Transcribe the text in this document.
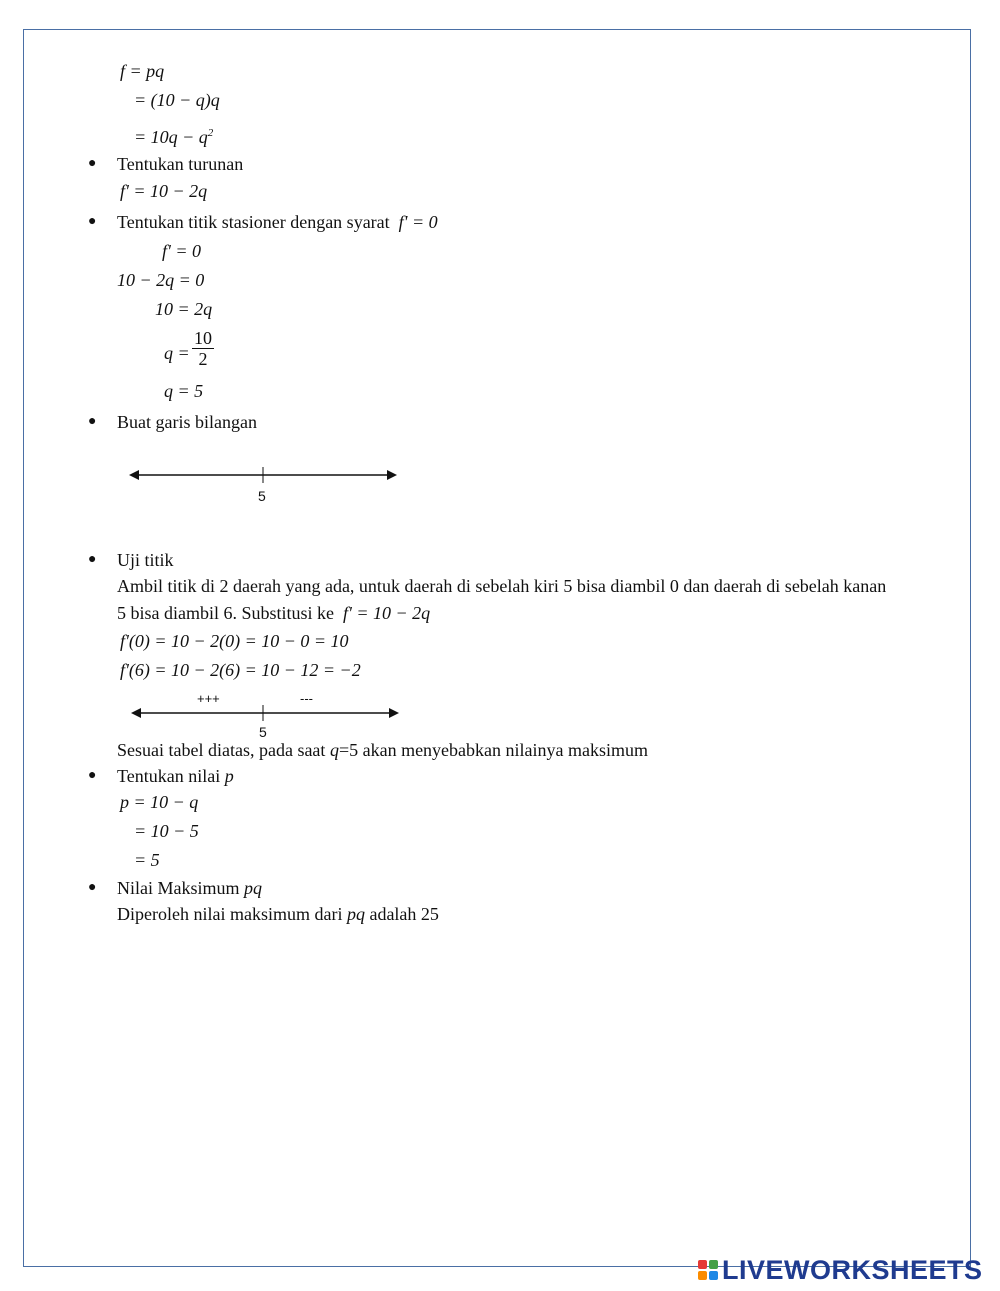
f = pq
= (10 − q)q
= $10q - q^2$
● Tentukan turunan
f' = 10 − 2q
● Tentukan titik stasioner dengan syarat f' = 0
f' = 0
10 − 2q = 0
10 = 2q
$q = \frac{10}{2}$
q = 5
● Buat garis bilangan
5
● Uji titik
Ambil titik di 2 daerah yang ada, untuk daerah di sebelah kiri 5 bisa diambil 0 dan daerah di sebelah kanan
5 bisa diambil 6. Substitusi ke f' = 10 − 2q
f'(0) = 10 − 2(0) = 10 − 0 = 10
f'(6) = 10 − 2(6) = 10 − 12 = −2
+++	---
5
Sesuai tabel diatas, pada saat q=5 akan menyebabkan nilainya maksimum
● Tentukan nilai p
p = 10 − q
= 10 − 5
= 5
● Nilai Maksimum pq
Diperoleh nilai maksimum dari pq adalah 25
LIVEWORKSHEETS
